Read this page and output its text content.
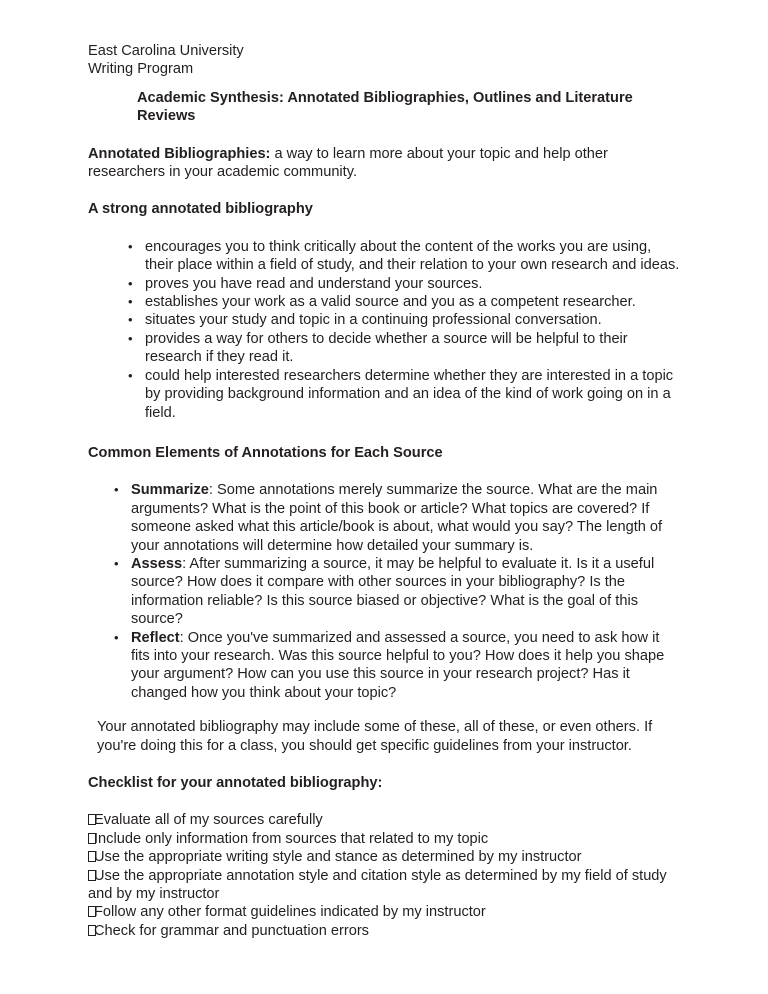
East Carolina University
Writing Program
Academic Synthesis: Annotated Bibliographies, Outlines and Literature Reviews
Annotated Bibliographies: a way to learn more about your topic and help other researchers in your academic community.
A strong annotated bibliography
• encourages you to think critically about the content of the works you are using, their place within a field of study, and their relation to your own research and ideas.
• proves you have read and understand your sources.
• establishes your work as a valid source and you as a competent researcher.
• situates your study and topic in a continuing professional conversation.
• provides a way for others to decide whether a source will be helpful to their research if they read it.
• could help interested researchers determine whether they are interested in a topic by providing background information and an idea of the kind of work going on in a field.
Common Elements of Annotations for Each Source
• Summarize: Some annotations merely summarize the source. What are the main arguments? What is the point of this book or article? What topics are covered? If someone asked what this article/book is about, what would you say? The length of your annotations will determine how detailed your summary is.
• Assess: After summarizing a source, it may be helpful to evaluate it. Is it a useful source? How does it compare with other sources in your bibliography? Is the information reliable? Is this source biased or objective? What is the goal of this source?
• Reflect: Once you've summarized and assessed a source, you need to ask how it fits into your research. Was this source helpful to you? How does it help you shape your argument? How can you use this source in your research project? Has it changed how you think about your topic?
Your annotated bibliography may include some of these, all of these, or even others. If you're doing this for a class, you should get specific guidelines from your instructor.
Checklist for your annotated bibliography:
Evaluate all of my sources carefully
Include only information from sources that related to my topic
Use the appropriate writing style and stance as determined by my instructor
Use the appropriate annotation style and citation style as determined by my field of study and by my instructor
Follow any other format guidelines indicated by my instructor
Check for grammar and punctuation errors
